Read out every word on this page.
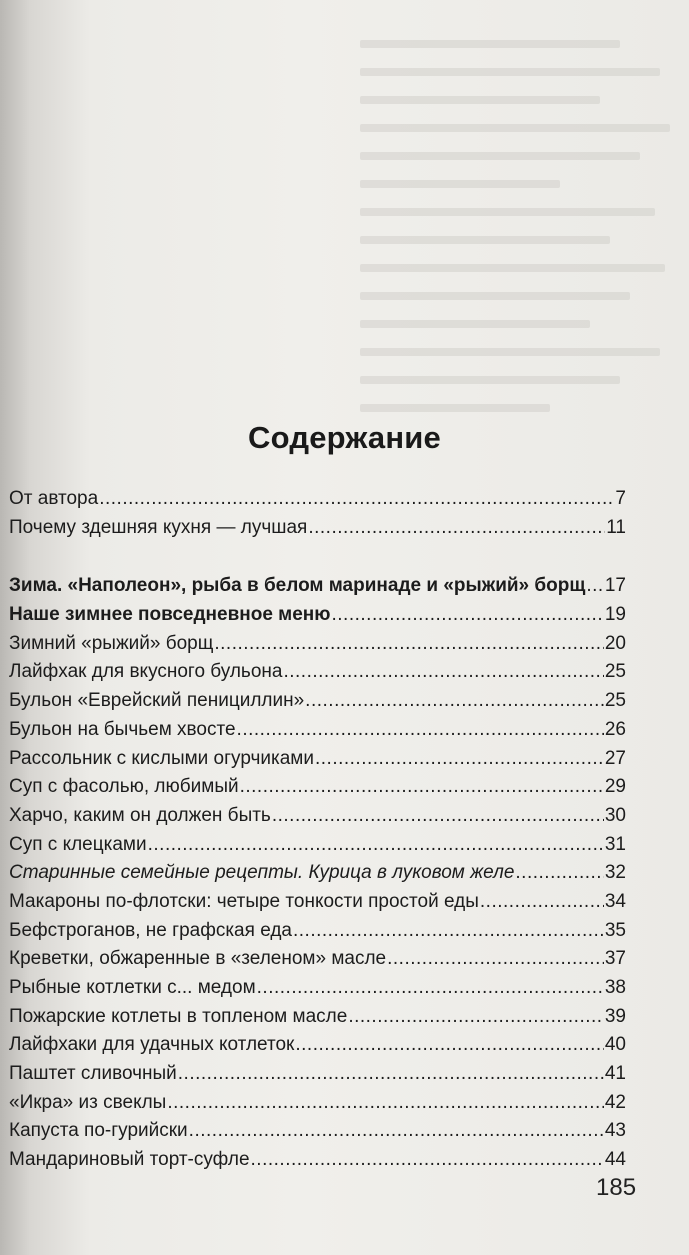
Содержание
От автора .....	7
Почему здешняя кухня — лучшая .....	11
Зима. «Наполеон», рыба в белом маринаде и «рыжий» борщ ..... 17
Наше зимнее повседневное меню .....	19
Зимний «рыжий» борщ .....	20
Лайфхак для вкусного бульона .....	25
Бульон «Еврейский пенициллин» .....	25
Бульон на бычьем хвосте .....	26
Рассольник с кислыми огурчиками .....	27
Суп с фасолью, любимый .....	29
Харчо, каким он должен быть .....	30
Суп с клецками .....	31
Старинные семейные рецепты. Курица в луковом желе .....	32
Макароны по-флотски: четыре тонкости простой еды .....	34
Бефстроганов, не графская еда .....	35
Креветки, обжаренные в «зеленом» масле .....	37
Рыбные котлетки с... медом .....	38
Пожарские котлеты в топленом масле .....	39
Лайфхаки для удачных котлеток .....	40
Паштет сливочный .....	41
«Икра» из свеклы .....	42
Капуста по-гурийски .....	43
Мандариновый торт-суфле .....	44
185
